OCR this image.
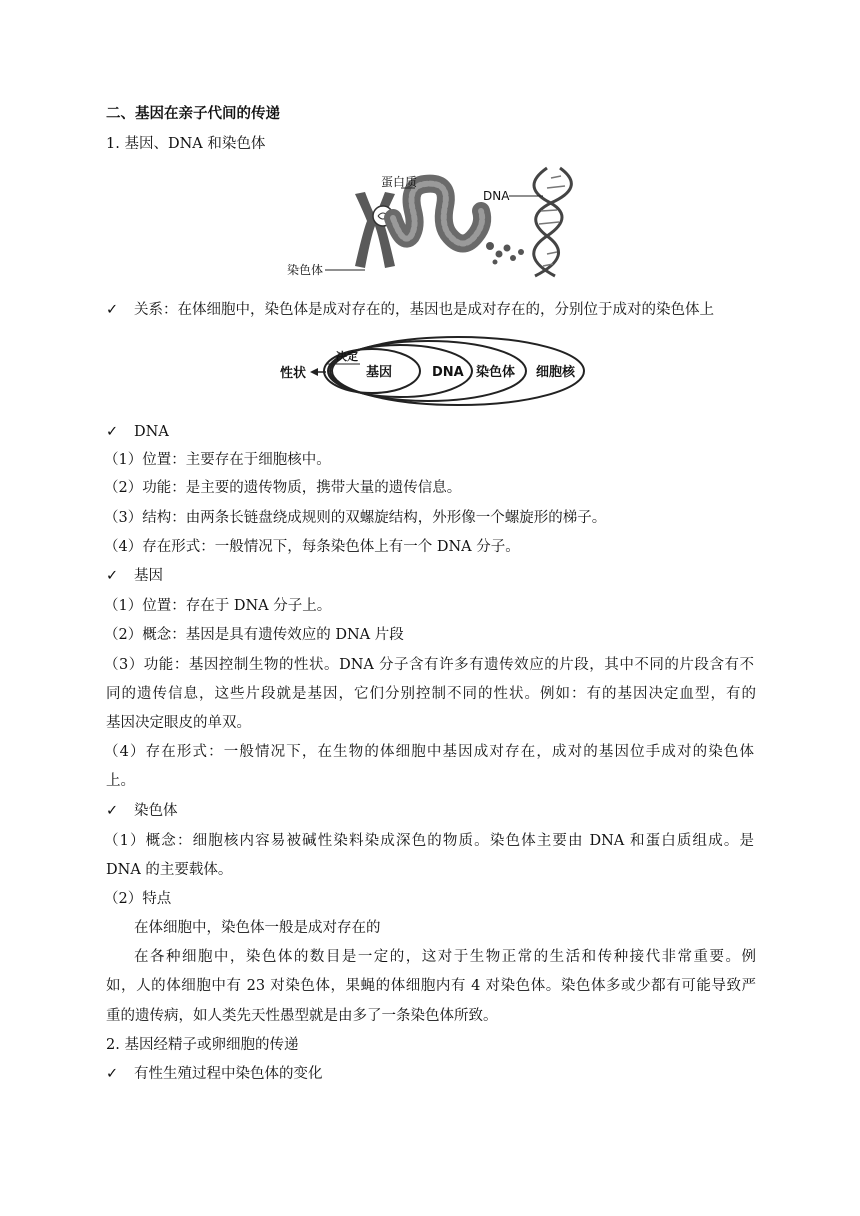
二、基因在亲子代间的传递
1. 基因、DNA 和染色体
蛋白质
DNA
染色体
✓ 关系：在体细胞中，染色体是成对存在的，基因也是成对存在的，分别位于成对的染色体上
性状
决定
基因	DNA 染色体 细胞核
✓ DNA
（1）位置：主要存在于细胞核中。
（2）功能：是主要的遗传物质，携带大量的遗传信息。
（3）结构：由两条长链盘绕成规则的双螺旋结构，外形像一个螺旋形的梯子。
（4）存在形式：一般情况下，每条染色体上有一个 DNA 分子。
✓ 基因
（1）位置：存在于 DNA 分子上。
（2）概念：基因是具有遗传效应的 DNA 片段
（3）功能：基因控制生物的性状。DNA 分子含有许多有遗传效应的片段，其中不同的片段含有不
同的遗传信息，这些片段就是基因，它们分别控制不同的性状。例如：有的基因决定血型，有的
基因决定眼皮的单双。
（4）存在形式：一般情况下，在生物的体细胞中基因成对存在，成对的基因位手成对的染色体
上。
✓ 染色体
（1）概念：细胞核内容易被碱性染料染成深色的物质。染色体主要由 DNA 和蛋白质组成。是
DNA 的主要载体。
（2）特点
在体细胞中，染色体一般是成对存在的
在各种细胞中，染色体的数目是一定的，这对于生物正常的生活和传种接代非常重要。例
如，人的体细胞中有 23 对染色体，果蝇的体细胞内有 4 对染色体。染色体多或少都有可能导致严
重的遗传病，如人类先天性愚型就是由多了一条染色体所致。
2. 基因经精子或卵细胞的传递
✓ 有性生殖过程中染色体的变化
